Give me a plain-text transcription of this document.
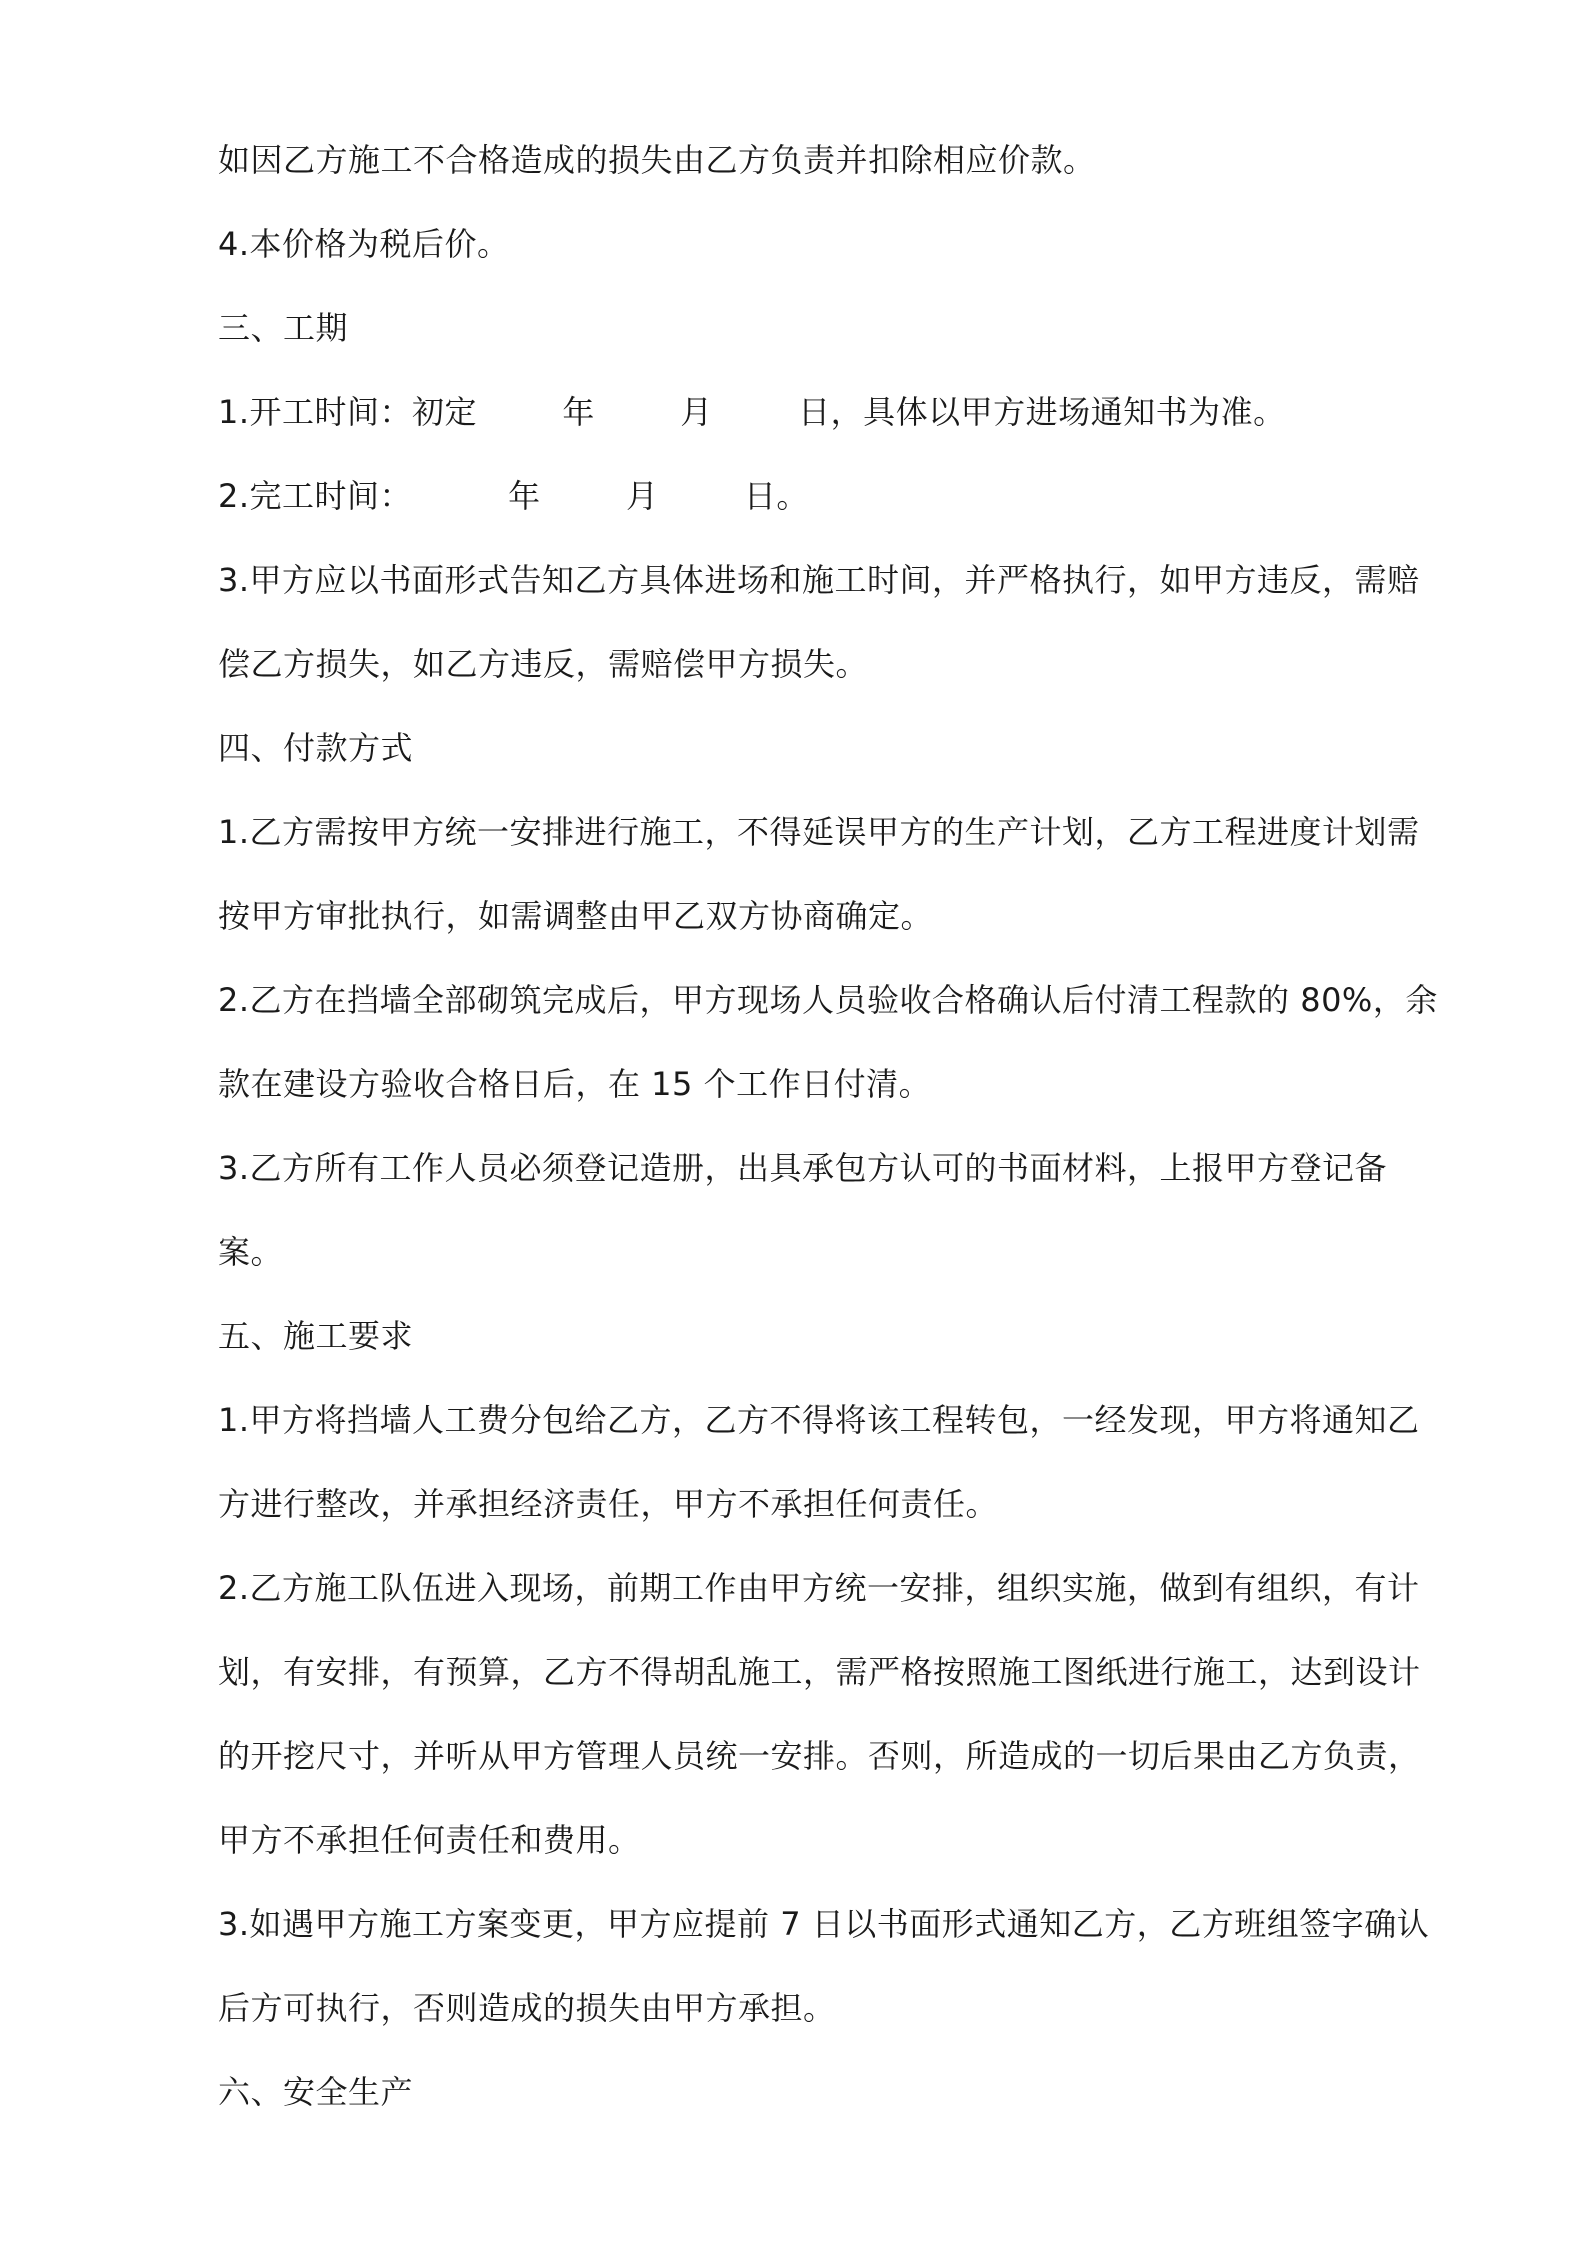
如因乙方施工不合格造成的损失由乙方负责并扣除相应价款。
4.本价格为税后价。
三、工期
1.开工时间：初定        年        月        日，具体以甲方进场通知书为准。
2.完工时间：         年        月        日。
3.甲方应以书面形式告知乙方具体进场和施工时间，并严格执行，如甲方违反，需赔
偿乙方损失，如乙方违反，需赔偿甲方损失。
四、付款方式
1.乙方需按甲方统一安排进行施工，不得延误甲方的生产计划，乙方工程进度计划需
按甲方审批执行，如需调整由甲乙双方协商确定。
2.乙方在挡墙全部砌筑完成后，甲方现场人员验收合格确认后付清工程款的 80%，余
款在建设方验收合格日后，在 15 个工作日付清。
3.乙方所有工作人员必须登记造册，出具承包方认可的书面材料，上报甲方登记备
案。
五、施工要求
1.甲方将挡墙人工费分包给乙方，乙方不得将该工程转包，一经发现，甲方将通知乙
方进行整改，并承担经济责任，甲方不承担任何责任。
2.乙方施工队伍进入现场，前期工作由甲方统一安排，组织实施，做到有组织，有计
划，有安排，有预算，乙方不得胡乱施工，需严格按照施工图纸进行施工，达到设计
的开挖尺寸，并听从甲方管理人员统一安排。否则，所造成的一切后果由乙方负责，
甲方不承担任何责任和费用。
3.如遇甲方施工方案变更，甲方应提前 7 日以书面形式通知乙方，乙方班组签字确认
后方可执行，否则造成的损失由甲方承担。
六、安全生产
